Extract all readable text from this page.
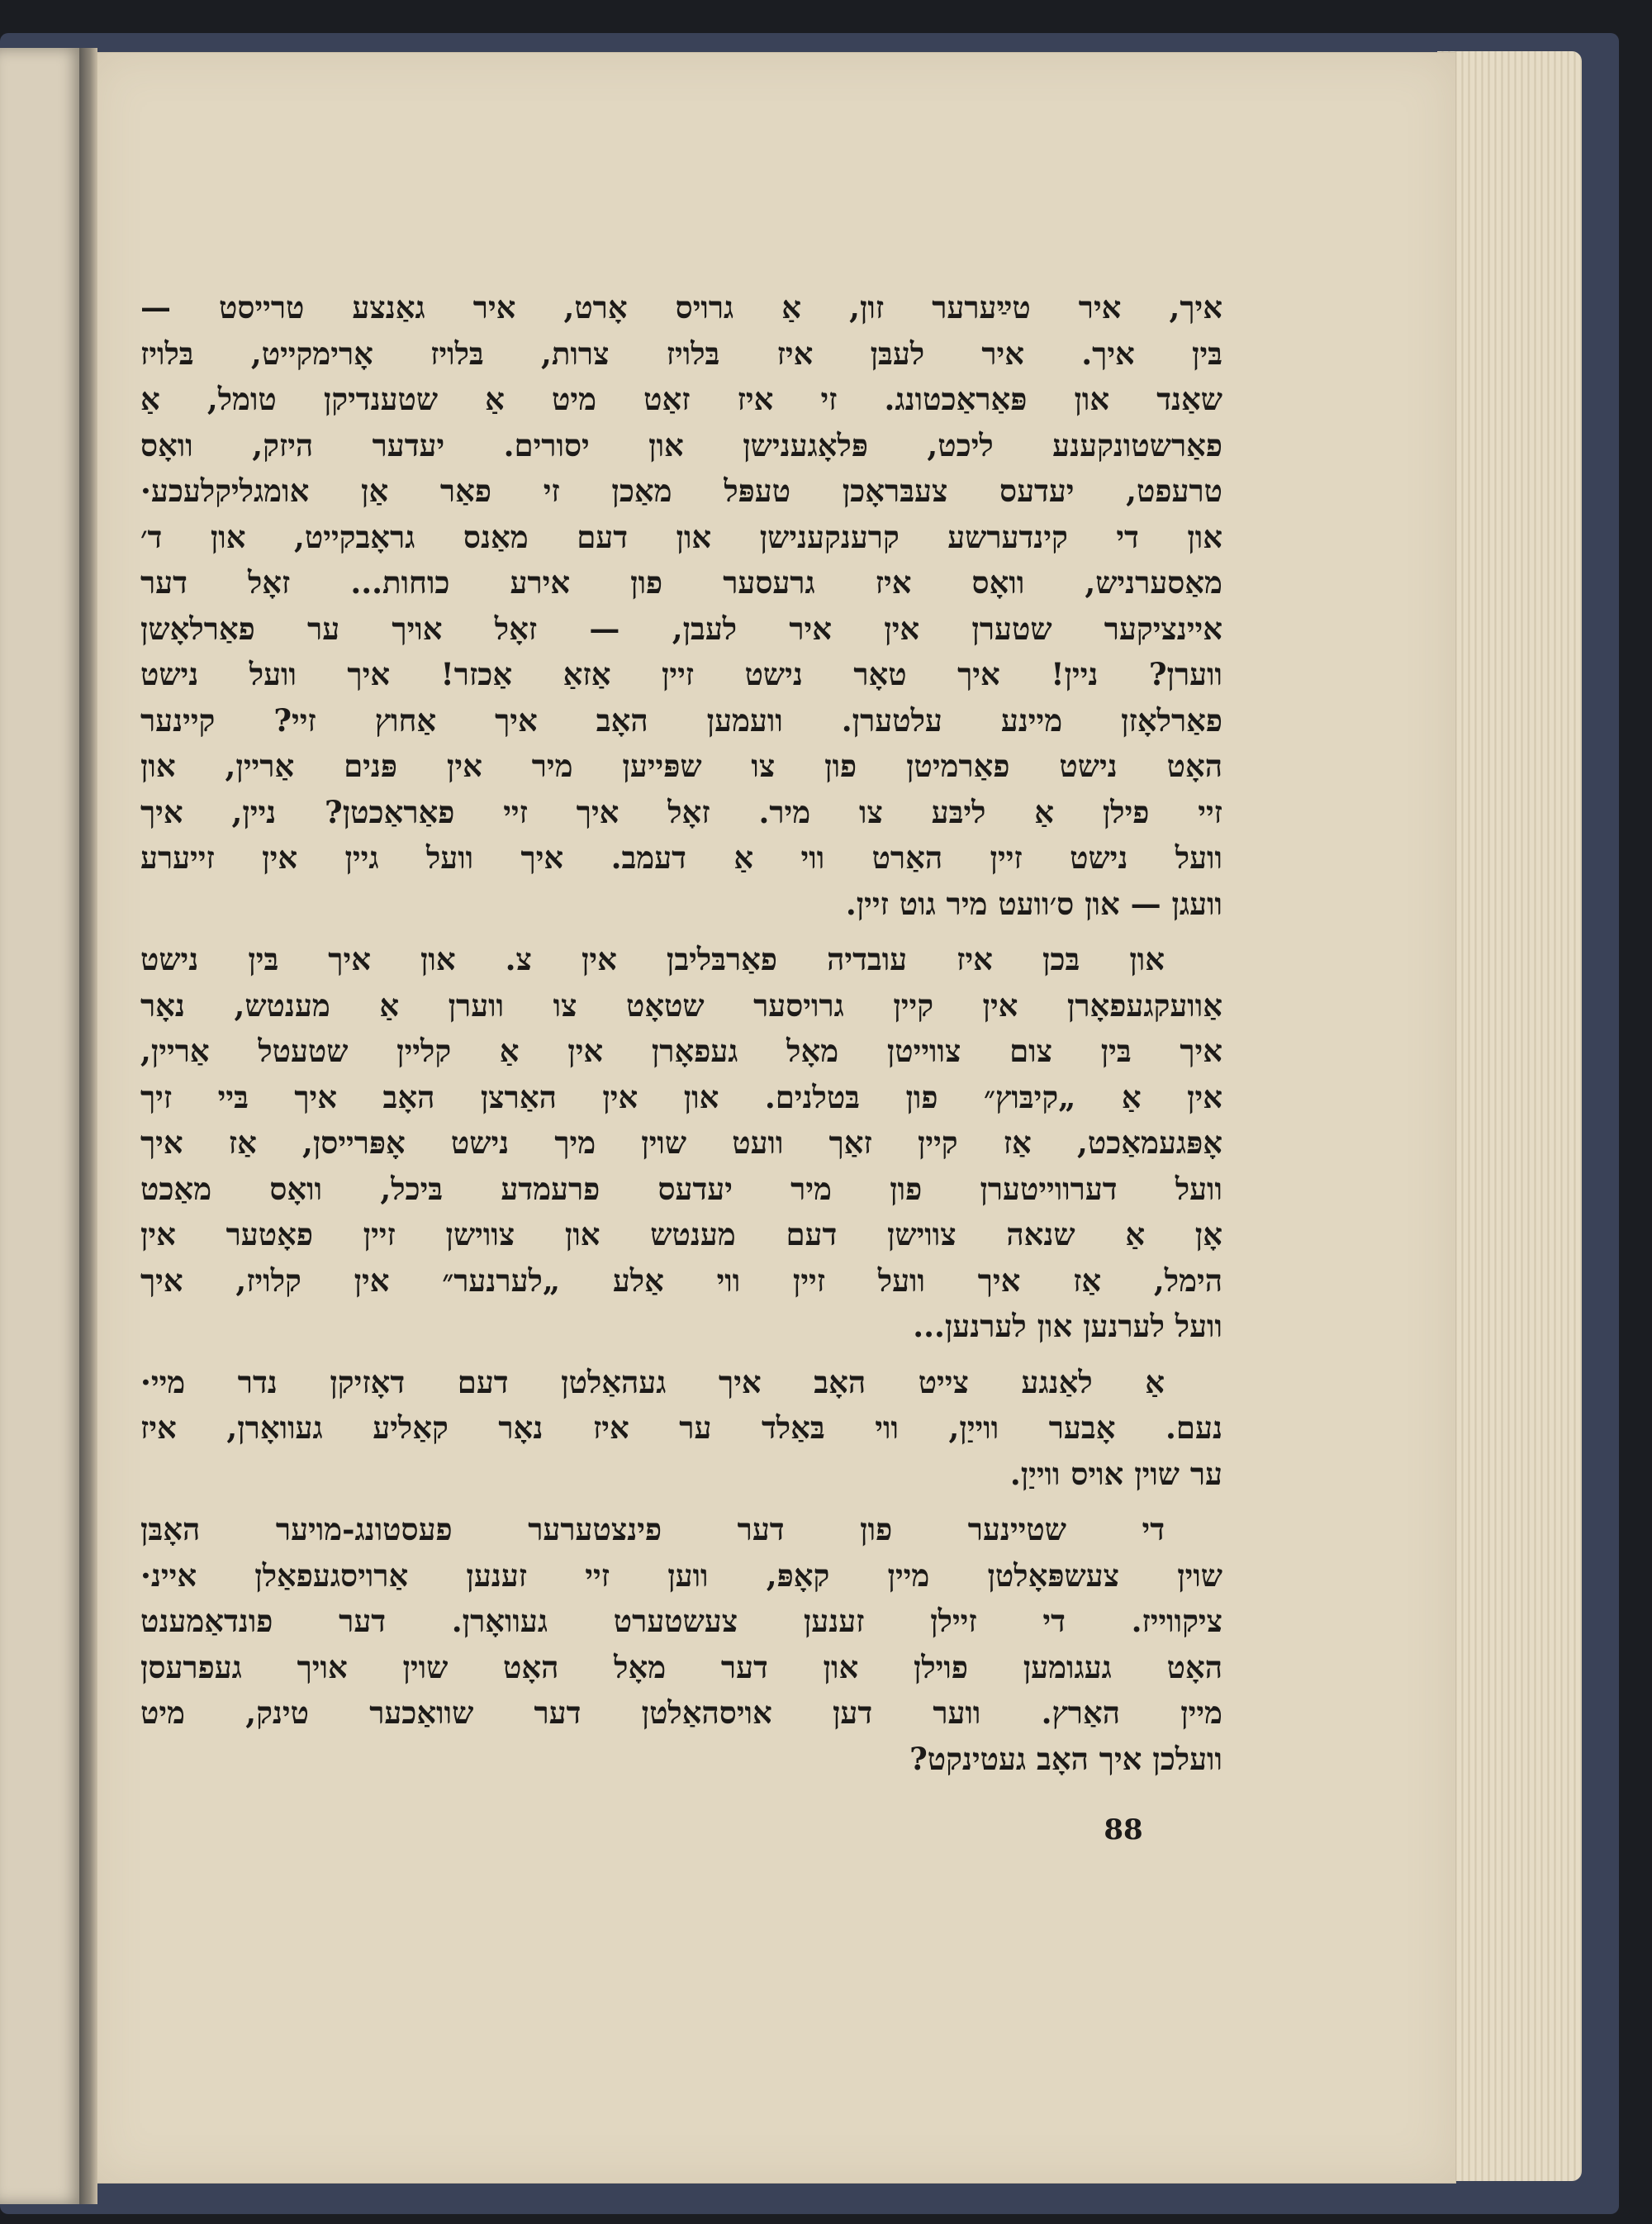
איך, איר טײַערער זון, אַ גרויס אָרט, איר גאַנצע טרייסט —
בּין איך. איר לעבּן איז בּלויז צרות, בּלויז אָרימקייט, בּלויז
שאַנד און פּאַראַכטונג. זי איז זאַט מיט אַ שטענדיקן טומל, אַ
פאַרשטונקענע ליכט, פּלאָגענישן און יסורים. יעדער היזק, וואָס
טרעפט, יעדעס צעבּראָכן טעפּל מאַכן זי פאַר אַן אומגליקלעכע·
און די קינדערשע קרענקענישן און דעם מאַנס גראָבקייט, און ד׳
מאַסערניש, וואָס איז גרעסער פון אירע כוחות... זאָל דער
איינציקער שטערן אין איר לעבן, — זאָל אויך ער פאַרלאָשן
ווערן? ניין! איך טאָר נישט זיין אַזאַ אַכזר! איך וועל נישט
פאַרלאָזן מיינע עלטערן. וועמען האָב איך אַחוץ זיי? קיינער
האָט נישט פאַרמיטן פון צו שפּייען מיר אין פּנים אַריין, און
זיי פילן אַ ליבּע צו מיר. זאָל איך זיי פאַראַכטן? ניין, איך
וועל נישט זיין האַרט ווי אַ דעמב. איך וועל גיין אין זייערע
וועגן — און ס׳וועט מיר גוט זיין.
און בּכן איז עובדיה פאַרבּליבן אין צ. און איך בּין נישט
אַוועקגעפאָרן אין קיין גרויסער שטאָט צו ווערן אַ מענטש, נאָר
איך בּין צום צווייטן מאָל געפאָרן אין אַ קליין שטעטל אַריין,
אין אַ „קיבּוץ״ פון בּטלנים. און אין האַרצן האָב איך בּיי זיך
אָפּגעמאַכט, אַז קיין זאַך וועט שוין מיך נישט אָפּרייסן, אַז איך
וועל דערווייטערן פון מיר יעדעס פרעמדע בּיכל, וואָס מאַכט
אָן אַ שנאה צווישן דעם מענטש און צווישן זיין פאָטער אין
הימל, אַז איך וועל זיין ווי אַלע „לערנער״ אין קלויז, איך
וועל לערנען און לערנען...
אַ לאַנגע צייט האָב איך געהאַלטן דעם דאָזיקן נדר מיי·
נעם. אָבער ווייַן, ווי בּאַלד ער איז נאָר קאַליע געוואָרן, איז
ער שוין אויס ווייַן.
די שטיינער פון דער פינצטערער פעסטונג-מויער האָבּן
שוין צעשפּאָלטן מיין קאָפּ, ווען זיי זענען אַרויסגעפאַלן איינ·
ציקווייז. די זיילן זענען צעשטערט געוואָרן. דער פונדאַמענט
האָט געגומען פוילן און דער מאָל האָט שוין אויך געפרעסן
מיין האַרץ. ווער דען אויסהאַלטן דער שוואַכער טינק, מיט
וועלכן איך האָב געטינקט?
88
